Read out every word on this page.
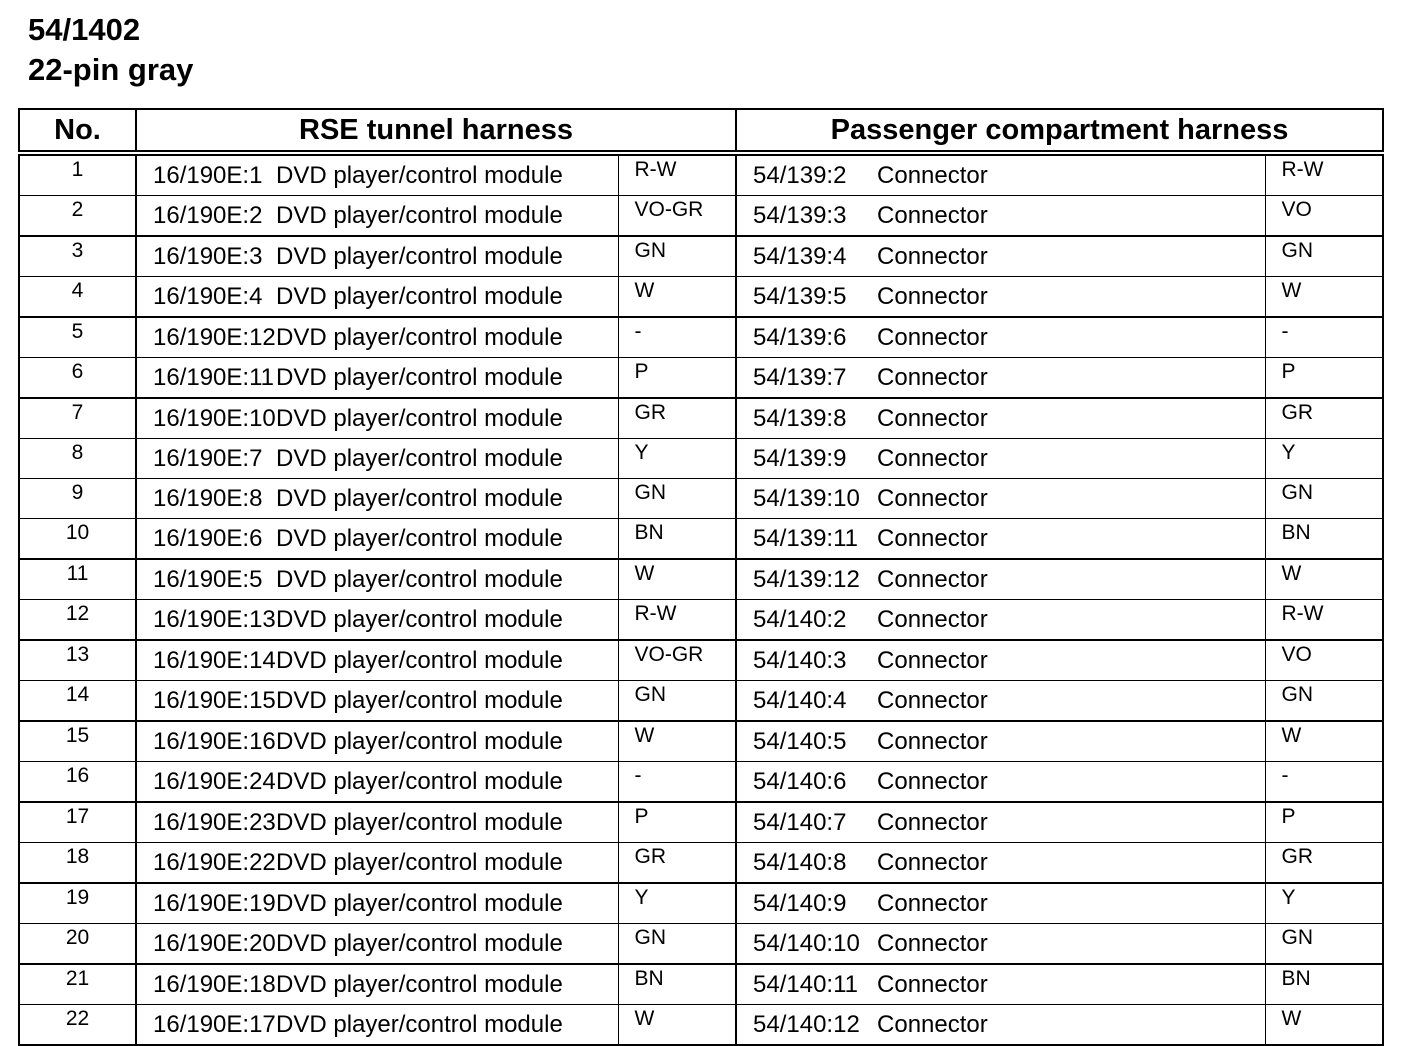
54/1402
22-pin gray
No.	RSE tunnel harness			Passenger compartment harness		
1	16/190E:1	DVD player/control module	R-W	54/139:2	Connector	R-W
2	16/190E:2	DVD player/control module	VO-GR	54/139:3	Connector	VO
3	16/190E:3	DVD player/control module	GN	54/139:4	Connector	GN
4	16/190E:4	DVD player/control module	W	54/139:5	Connector	W
5	16/190E:12	DVD player/control module	-	54/139:6	Connector	-
6	16/190E:11	DVD player/control module	P	54/139:7	Connector	P
7	16/190E:10	DVD player/control module	GR	54/139:8	Connector	GR
8	16/190E:7	DVD player/control module	Y	54/139:9	Connector	Y
9	16/190E:8	DVD player/control module	GN	54/139:10	Connector	GN
10	16/190E:6	DVD player/control module	BN	54/139:11	Connector	BN
11	16/190E:5	DVD player/control module	W	54/139:12	Connector	W
12	16/190E:13	DVD player/control module	R-W	54/140:2	Connector	R-W
13	16/190E:14	DVD player/control module	VO-GR	54/140:3	Connector	VO
14	16/190E:15	DVD player/control module	GN	54/140:4	Connector	GN
15	16/190E:16	DVD player/control module	W	54/140:5	Connector	W
16	16/190E:24	DVD player/control module	-	54/140:6	Connector	-
17	16/190E:23	DVD player/control module	P	54/140:7	Connector	P
18	16/190E:22	DVD player/control module	GR	54/140:8	Connector	GR
19	16/190E:19	DVD player/control module	Y	54/140:9	Connector	Y
20	16/190E:20	DVD player/control module	GN	54/140:10	Connector	GN
21	16/190E:18	DVD player/control module	BN	54/140:11	Connector	BN
22	16/190E:17	DVD player/control module	W	54/140:12	Connector	W
